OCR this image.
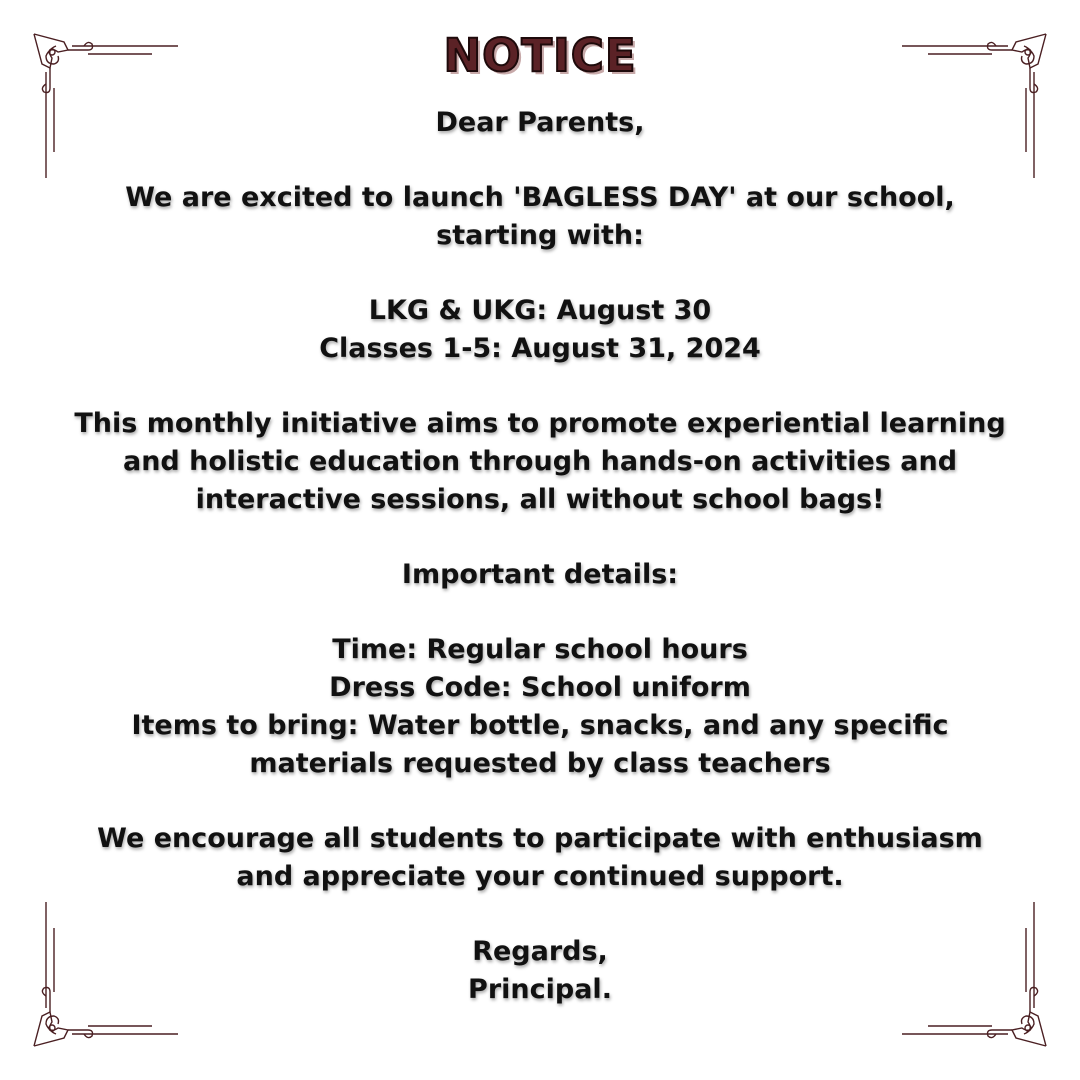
NOTICE

Dear Parents,

We are excited to launch 'BAGLESS DAY' at our school,

starting with:

LKG & UKG: August 30

Classes 1-5: August 31, 2024

This monthly initiative aims to promote experiential learning

and holistic education through hands-on activities and

interactive sessions, all without school bags!

Important details:

Time: Regular school hours

Dress Code: School uniform

Items to bring: Water bottle, snacks, and any specific

materials requested by class teachers

We encourage all students to participate with enthusiasm

and appreciate your continued support.

Regards,

Principal.
